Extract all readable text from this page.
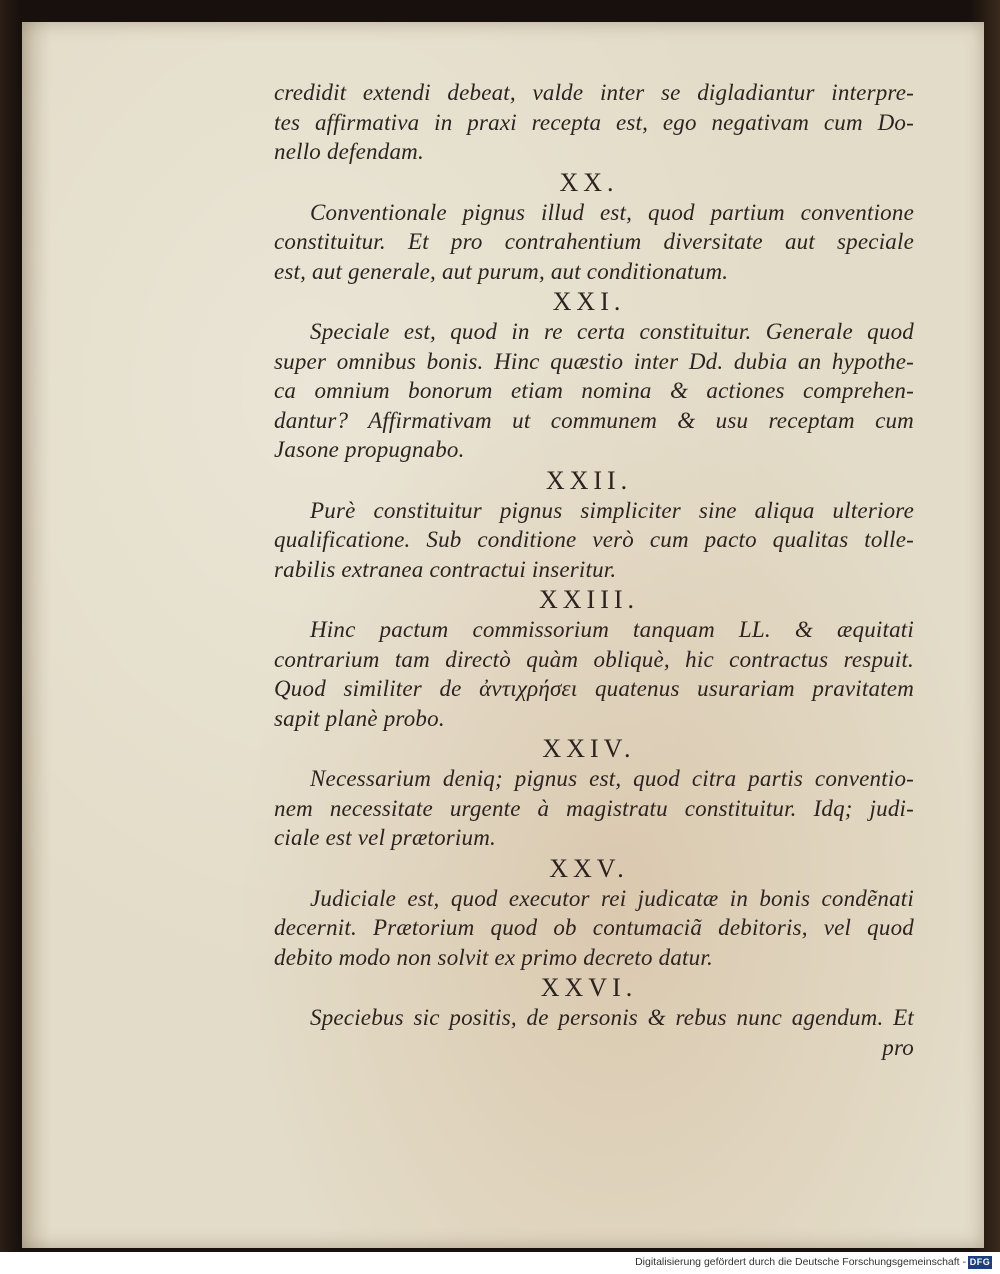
credidit extendi debeat, valde inter se digladiantur interpre-
tes affirmativa in praxi recepta est, ego negativam cum Do-
nello defendam.
XX.
Conventionale pignus illud est, quod partium conventione
constituitur. Et pro contrahentium diversitate aut speciale
est, aut generale, aut purum, aut conditionatum.
XXI.
Speciale est, quod in re certa constituitur. Generale quod
super omnibus bonis. Hinc quæstio inter Dd. dubia an hypothe-
ca omnium bonorum etiam nomina & actiones comprehen-
dantur? Affirmativam ut communem & usu receptam cum
Jasone propugnabo.
XXII.
Purè constituitur pignus simpliciter sine aliqua ulteriore
qualificatione. Sub conditione verò cum pacto qualitas tolle-
rabilis extranea contractui inseritur.
XXIII.
Hinc pactum commissorium tanquam LL. & æquitati
contrarium tam directò quàm obliquè, hic contractus respuit.
Quod similiter de ἀντιχρήσει quatenus usurariam pravitatem
sapit planè probo.
XXIV.
Necessarium deniq; pignus est, quod citra partis conventio-
nem necessitate urgente à magistratu constituitur. Idq; judi-
ciale est vel prætorium.
XXV.
Judiciale est, quod executor rei judicatæ in bonis condẽnati
decernit. Prætorium quod ob contumaciã debitoris, vel quod
debito modo non solvit ex primo decreto datur.
XXVI.
Speciebus sic positis, de personis & rebus nunc agendum. Et
pro
Digitalisierung gefördert durch die Deutsche Forschungsgemeinschaft - DFG
